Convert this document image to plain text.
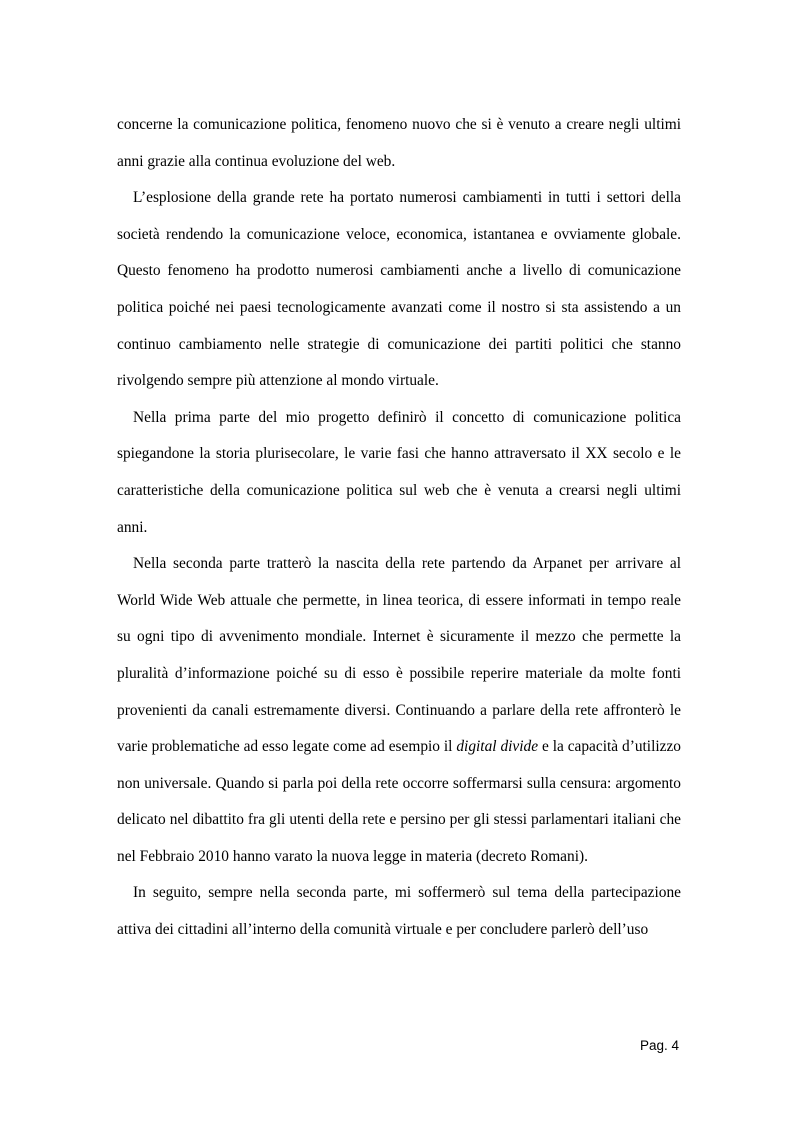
concerne la comunicazione politica, fenomeno nuovo che si è venuto a creare negli ultimi anni grazie alla continua evoluzione del web.

L’esplosione della grande rete ha portato numerosi cambiamenti in tutti i settori della società rendendo la comunicazione veloce, economica, istantanea e ovviamente globale. Questo fenomeno ha prodotto numerosi cambiamenti anche a livello di comunicazione politica poiché nei paesi tecnologicamente avanzati come il nostro si sta assistendo a un continuo cambiamento nelle strategie di comunicazione dei partiti politici che stanno rivolgendo sempre più attenzione al mondo virtuale.

Nella prima parte del mio progetto definirò il concetto di comunicazione politica spiegandone la storia plurisecolare, le varie fasi che hanno attraversato il XX secolo e le caratteristiche della comunicazione politica sul web che è venuta a crearsi negli ultimi anni.

Nella seconda parte tratterò la nascita della rete partendo da Arpanet per arrivare al World Wide Web attuale che permette, in linea teorica, di essere informati in tempo reale su ogni tipo di avvenimento mondiale. Internet è sicuramente il mezzo che permette la pluralità d’informazione poiché su di esso è possibile reperire materiale da molte fonti provenienti da canali estremamente diversi. Continuando a parlare della rete affronterò le varie problematiche ad esso legate come ad esempio il digital divide e la capacità d’utilizzo non universale. Quando si parla poi della rete occorre soffermarsi sulla censura: argomento delicato nel dibattito fra gli utenti della rete e persino per gli stessi parlamentari italiani che nel Febbraio 2010 hanno varato la nuova legge in materia (decreto Romani).

In seguito, sempre nella seconda parte, mi soffermerò sul tema della partecipazione attiva dei cittadini all’interno della comunità virtuale e per concludere parlerò dell’uso

Pag. 4
